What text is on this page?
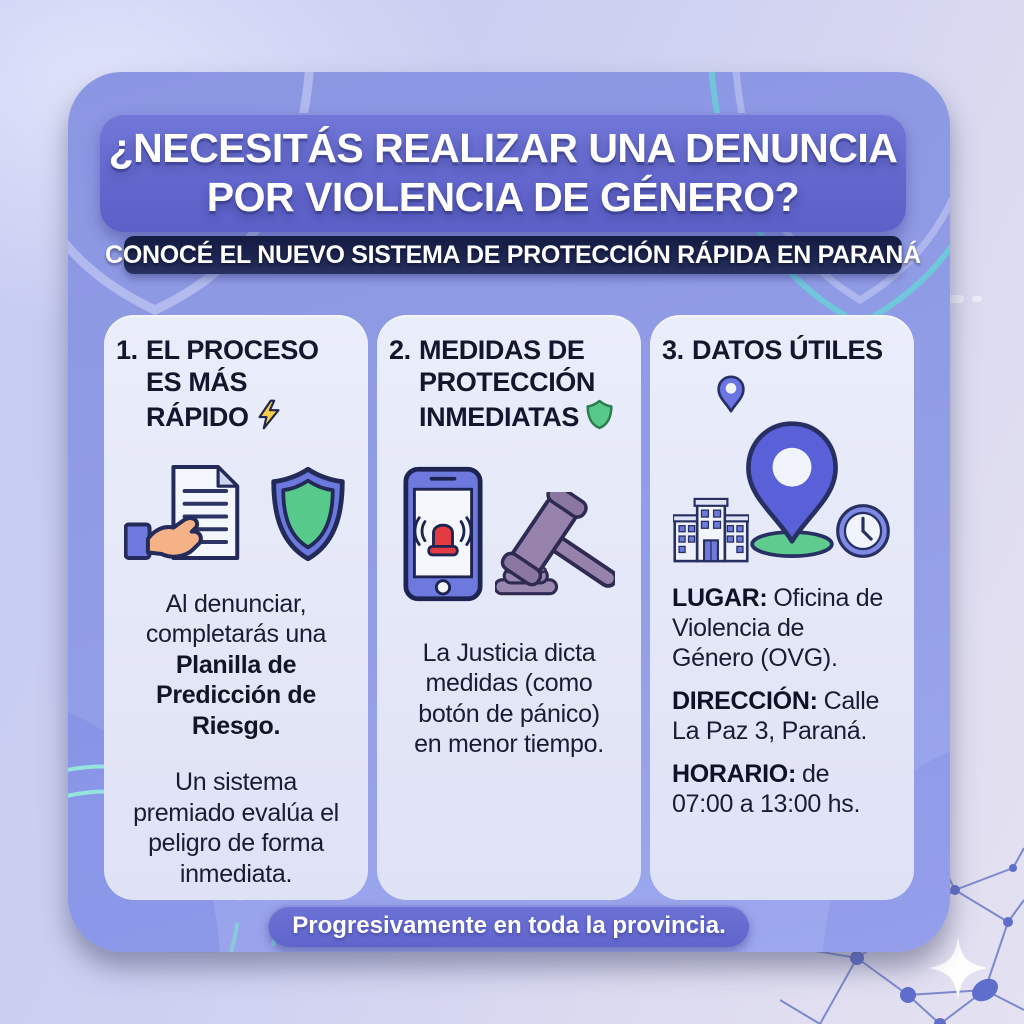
¿NECESITÁS REALIZAR UNA DENUNCIA
POR VIOLENCIA DE GÉNERO?
CONOCÉ EL NUEVO SISTEMA DE PROTECCIÓN RÁPIDA EN PARANÁ
1. EL PROCESO ES MÁS RÁPIDO

Al denunciar, completarás una Planilla de Predicción de Riesgo.

Un sistema premiado evalúa el peligro de forma inmediata.

2. MEDIDAS DE PROTECCIÓN INMEDIATAS

La Justicia dicta medidas (como botón de pánico) en menor tiempo.

3. DATOS ÚTILES
LUGAR: Oficina de Violencia de Género (OVG).
DIRECCIÓN: Calle La Paz 3, Paraná.
HORARIO: de 07:00 a 13:00 hs.
Progresivamente en toda la provincia.
